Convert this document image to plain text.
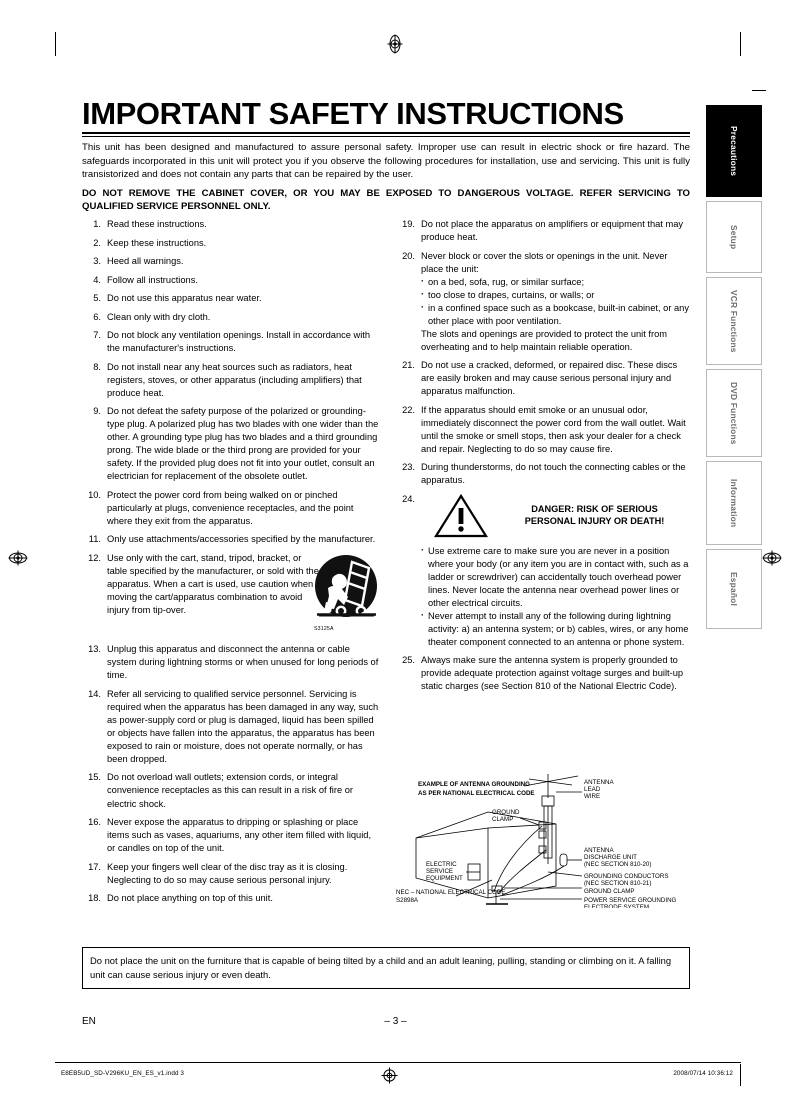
IMPORTANT SAFETY INSTRUCTIONS

This unit has been designed and manufactured to assure personal safety. Improper use can result in electric shock or fire hazard. The safeguards incorporated in this unit will protect you if you observe the following procedures for installation, use and servicing. This unit is fully transistorized and does not contain any parts that can be repaired by the user.

DO NOT REMOVE THE CABINET COVER, OR YOU MAY BE EXPOSED TO DANGEROUS VOLTAGE. REFER SERVICING TO QUALIFIED SERVICE PERSONNEL ONLY.

1. Read these instructions.
2. Keep these instructions.
3. Heed all warnings.
4. Follow all instructions.
5. Do not use this apparatus near water.
6. Clean only with dry cloth.
7. Do not block any ventilation openings. Install in accordance with the manufacturer's instructions.
8. Do not install near any heat sources such as radiators, heat registers, stoves, or other apparatus (including amplifiers) that produce heat.
9. Do not defeat the safety purpose of the polarized or grounding-type plug. A polarized plug has two blades with one wider than the other. A grounding type plug has two blades and a third grounding prong. The wide blade or the third prong are provided for your safety. If the provided plug does not fit into your outlet, consult an electrician for replacement of the obsolete outlet.
10. Protect the power cord from being walked on or pinched particularly at plugs, convenience receptacles, and the point where they exit from the apparatus.
11. Only use attachments/accessories specified by the manufacturer.
12. Use only with the cart, stand, tripod, bracket, or table specified by the manufacturer, or sold with the apparatus. When a cart is used, use caution when moving the cart/apparatus combination to avoid injury from tip-over.
S3125A
13. Unplug this apparatus and disconnect the antenna or cable system during lightning storms or when unused for long periods of time.
14. Refer all servicing to qualified service personnel. Servicing is required when the apparatus has been damaged in any way, such as power-supply cord or plug is damaged, liquid has been spilled or objects have fallen into the apparatus, the apparatus has been exposed to rain or moisture, does not operate normally, or has been dropped.
15. Do not overload wall outlets; extension cords, or integral convenience receptacles as this can result in a risk of fire or electric shock.
16. Never expose the apparatus to dripping or splashing or place items such as vases, aquariums, any other item filled with liquid, or candles on top of the unit.
17. Keep your fingers well clear of the disc tray as it is closing. Neglecting to do so may cause serious personal injury.
18. Do not place anything on top of this unit.
19. Do not place the apparatus on amplifiers or equipment that may produce heat.
20. Never block or cover the slots or openings in the unit. Never place the unit:
· on a bed, sofa, rug, or similar surface;
· too close to drapes, curtains, or walls; or
· in a confined space such as a bookcase, built-in cabinet, or any other place with poor ventilation.
The slots and openings are provided to protect the unit from overheating and to help maintain reliable operation.
21. Do not use a cracked, deformed, or repaired disc. These discs are easily broken and may cause serious personal injury and apparatus malfunction.
22. If the apparatus should emit smoke or an unusual odor, immediately disconnect the power cord from the wall outlet. Wait until the smoke or smell stops, then ask your dealer for a check and repair. Neglecting to do so may cause fire.
23. During thunderstorms, do not touch the connecting cables or the apparatus.
24.
DANGER: RISK OF SERIOUS
PERSONAL INJURY OR DEATH!
· Use extreme care to make sure you are never in a position where your body (or any item you are in contact with, such as a ladder or screwdriver) can accidentally touch overhead power lines. Never locate the antenna near overhead power lines or other electrical circuits.
· Never attempt to install any of the following during lightning activity: a) an antenna system; or b) cables, wires, or any home theater component connected to an antenna or phone system.
25. Always make sure the antenna system is properly grounded to provide adequate protection against voltage surges and built-up static charges (see Section 810 of the National Electric Code).
EXAMPLE OF ANTENNA GROUNDING
AS PER NATIONAL ELECTRICAL CODE
ANTENNA
LEAD
WIRE
GROUND
CLAMP
ANTENNA
DISCHARGE UNIT
(NEC SECTION 810-20)
ELECTRIC
SERVICE
EQUIPMENT	GROUNDING CONDUCTORS
(NEC SECTION 810-21)
GROUND CLAMP
POWER SERVICE GROUNDING
ELECTRODE SYSTEM
NEC – NATIONAL ELECTRICAL CODE
S2898A

Do not place the unit on the furniture that is capable of being tilted by a child and an adult leaning, pulling, standing or climbing on it. A falling unit can cause serious injury or even death.

EN	– 3 –
E8EB5UD_SD-V296KU_EN_ES_v1.indd 3	2008/07/14 10:36:12
Precautions
Setup
VCR Functions
DVD Functions
Information
Español
